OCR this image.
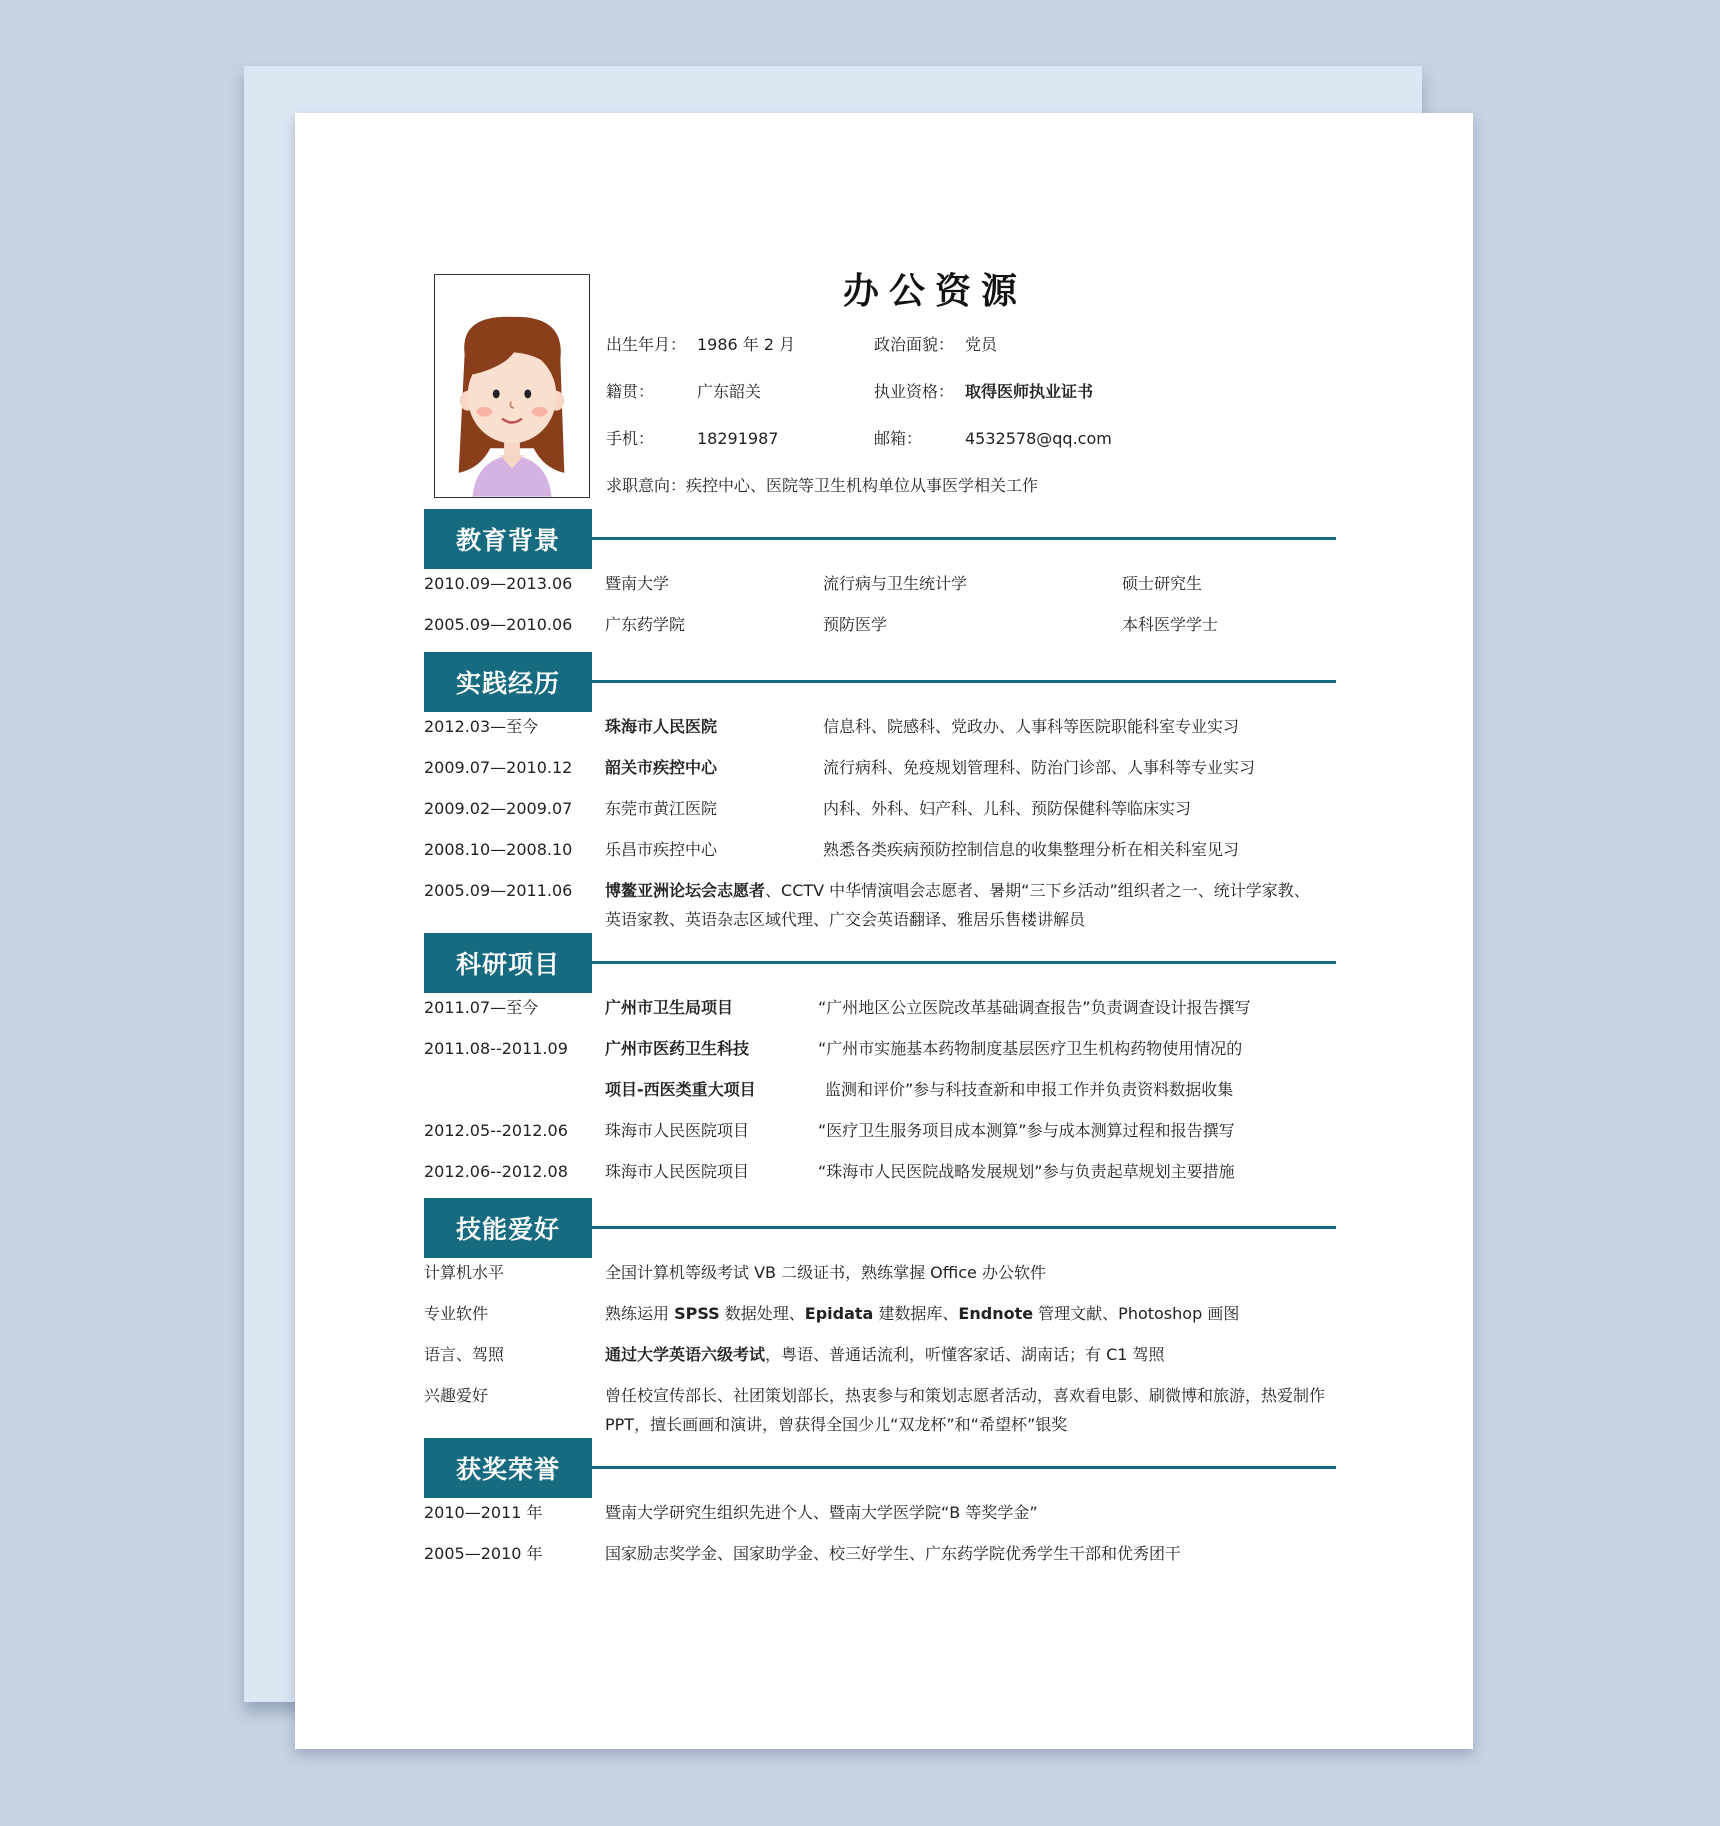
办公资源
出生年月： 1986 年 2 月	政治面貌： 党员
籍贯：	广东韶关	执业资格： 取得医师执业证书
手机：	18291987	邮箱：	4532578@qq.com
求职意向：疾控中心、医院等卫生机构单位从事医学相关工作
教育背景
2010.09—2013.06 暨南大学	流行病与卫生统计学	硕士研究生
2005.09—2010.06 广东药学院	预防医学	本科医学学士
实践经历
2012.03—至今	珠海市人民医院	信息科、院感科、党政办、人事科等医院职能科室专业实习
2009.07—2010.12 韶关市疾控中心	流行病科、免疫规划管理科、防治门诊部、人事科等专业实习
2009.02—2009.07 东莞市黄江医院	内科、外科、妇产科、儿科、预防保健科等临床实习
2008.10—2008.10 乐昌市疾控中心	熟悉各类疾病预防控制信息的收集整理分析在相关科室见习
2005.09—2011.06 博鳌亚洲论坛会志愿者、CCTV 中华情演唱会志愿者、暑期“三下乡活动”组织者之一、统计学家教、
英语家教、英语杂志区域代理、广交会英语翻译、雅居乐售楼讲解员
科研项目
2011.07—至今	广州市卫生局项目	“广州地区公立医院改革基础调查报告”负责调查设计报告撰写
2011.08--2011.09 广州市医药卫生科技	“广州市实施基本药物制度基层医疗卫生机构药物使用情况的
项目-西医类重大项目	监测和评价”参与科技查新和申报工作并负责资料数据收集
2012.05--2012.06 珠海市人民医院项目	“医疗卫生服务项目成本测算”参与成本测算过程和报告撰写
2012.06--2012.08 珠海市人民医院项目	“珠海市人民医院战略发展规划”参与负责起草规划主要措施
技能爱好
计算机水平	全国计算机等级考试 VB 二级证书，熟练掌握 Office 办公软件
专业软件	熟练运用 SPSS 数据处理、Epidata 建数据库、Endnote 管理文献、Photoshop 画图
语言、驾照	通过大学英语六级考试，粤语、普通话流利，听懂客家话、湖南话；有 C1 驾照
兴趣爱好	曾任校宣传部长、社团策划部长，热衷参与和策划志愿者活动，喜欢看电影、刷微博和旅游，热爱制作
PPT，擅长画画和演讲，曾获得全国少儿“双龙杯”和“希望杯”银奖
获奖荣誉
2010—2011 年	暨南大学研究生组织先进个人、暨南大学医学院“B 等奖学金”
2005—2010 年	国家励志奖学金、国家助学金、校三好学生、广东药学院优秀学生干部和优秀团干
